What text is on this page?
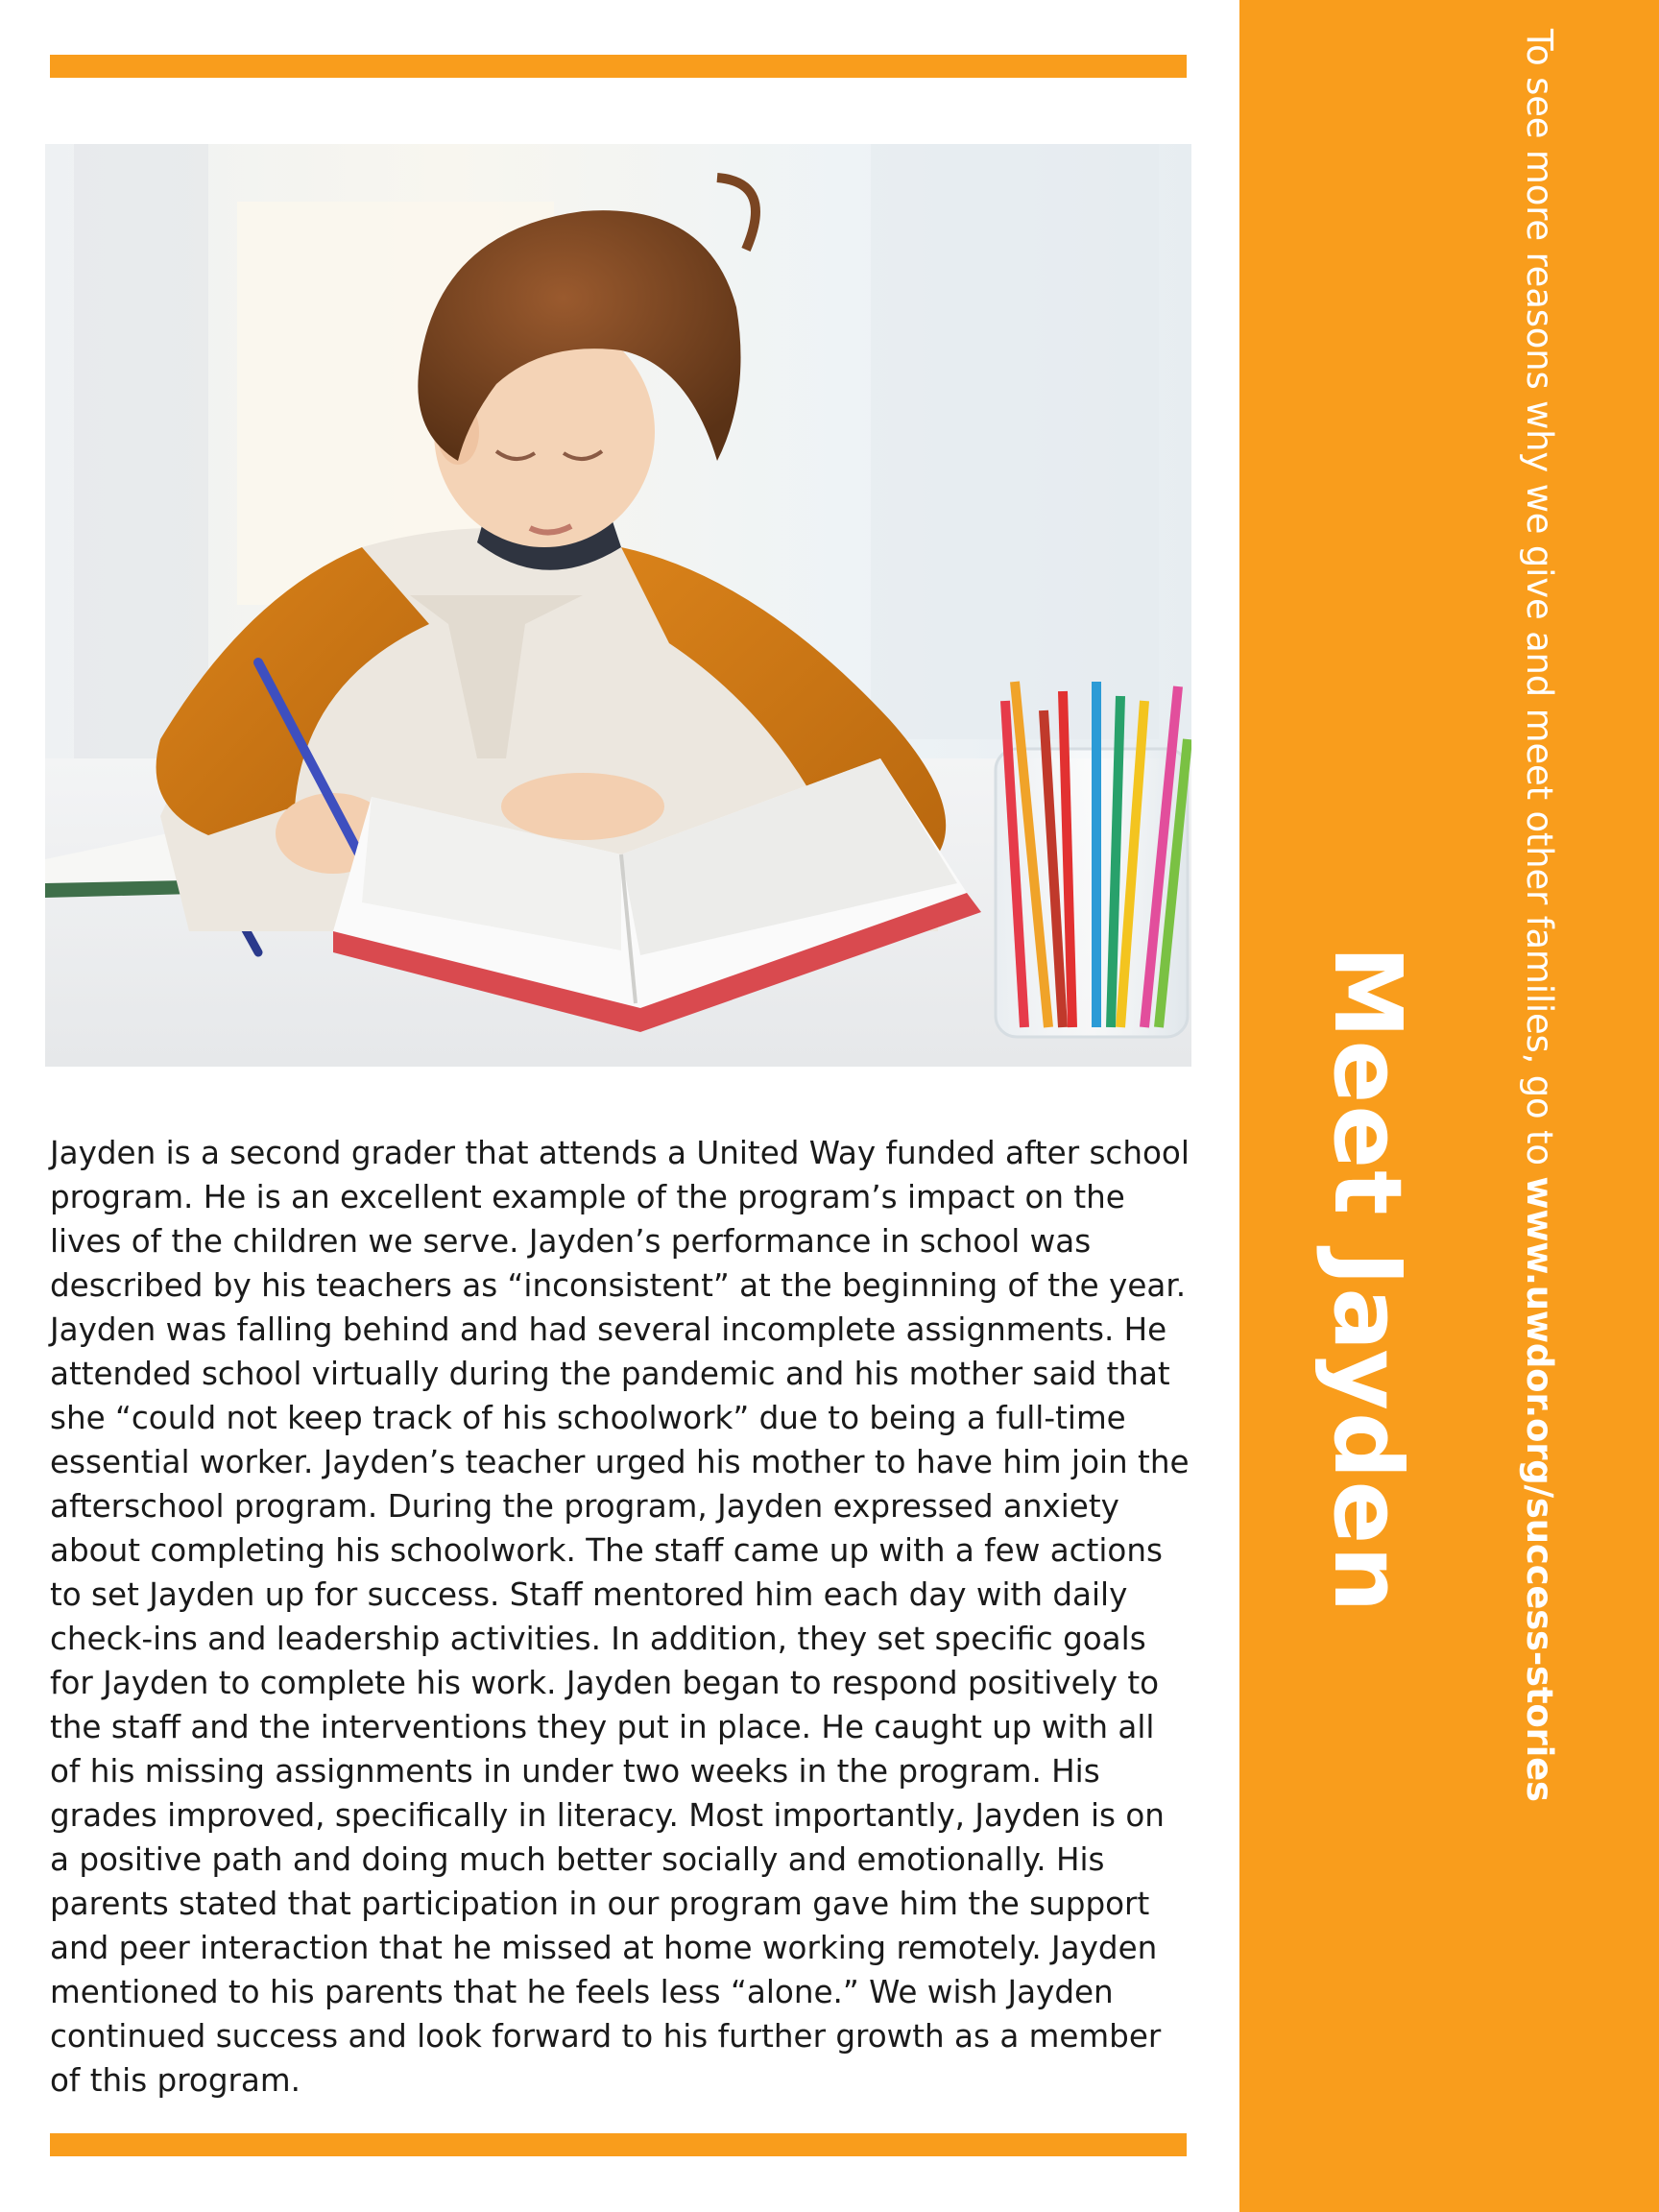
Jayden is a second grader that attends a United Way funded after school program. He is an excellent example of the program’s impact on the lives of the children we serve. Jayden’s performance in school was described by his teachers as “inconsistent” at the beginning of the year. Jayden was falling behind and had several incomplete assignments. He attended school virtually during the pandemic and his mother said that she “could not keep track of his schoolwork” due to being a full-time essential worker. Jayden’s teacher urged his mother to have him join the afterschool program. During the program, Jayden expressed anxiety about completing his schoolwork. The staff came up with a few actions to set Jayden up for success. Staff mentored him each day with daily check-ins and leadership activities. In addition, they set specific goals for Jayden to complete his work. Jayden began to respond positively to the staff and the interventions they put in place. He caught up with all of his missing assignments in under two weeks in the program. His grades improved, specifically in literacy. Most importantly, Jayden is on a positive path and doing much better socially and emotionally. His parents stated that participation in our program gave him the support and peer interaction that he missed at home working remotely. Jayden mentioned to his parents that he feels less “alone.” We wish Jayden continued success and look forward to his further growth as a member of this program.

To see more reasons why we give and meet other families, go to www.uwdor.org/success-stories

Meet Jayden
